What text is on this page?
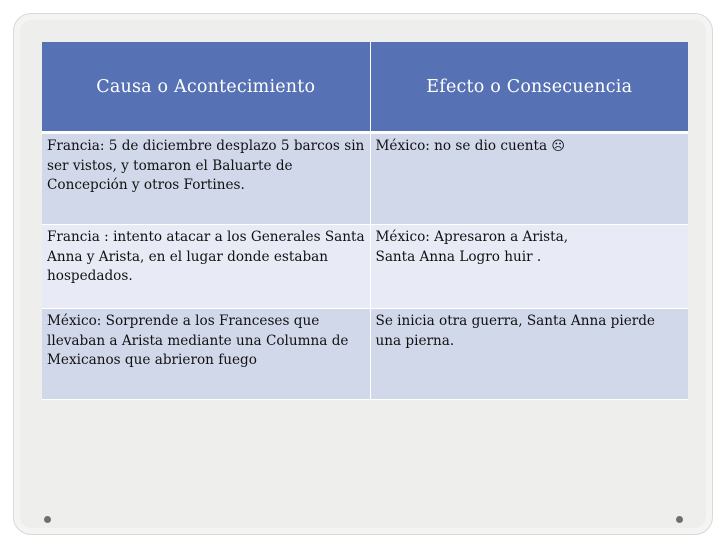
Causa o Acontecimiento	Efecto o Consecuencia
Francia: 5 de diciembre desplazo 5 barcos sin ser vistos, y tomaron el Baluarte de Concepción y otros Fortines.	México: no se dio cuenta ☹
Francia : intento atacar a los Generales Santa Anna y Arista, en el lugar donde estaban hospedados.	México: Apresaron a Arista,
Santa Anna Logro huir .

México: Sorprende a los Franceses que llevaban a Arista mediante una Columna de Mexicanos que abrieron fuego	Se inicia otra guerra, Santa Anna pierde una pierna.
